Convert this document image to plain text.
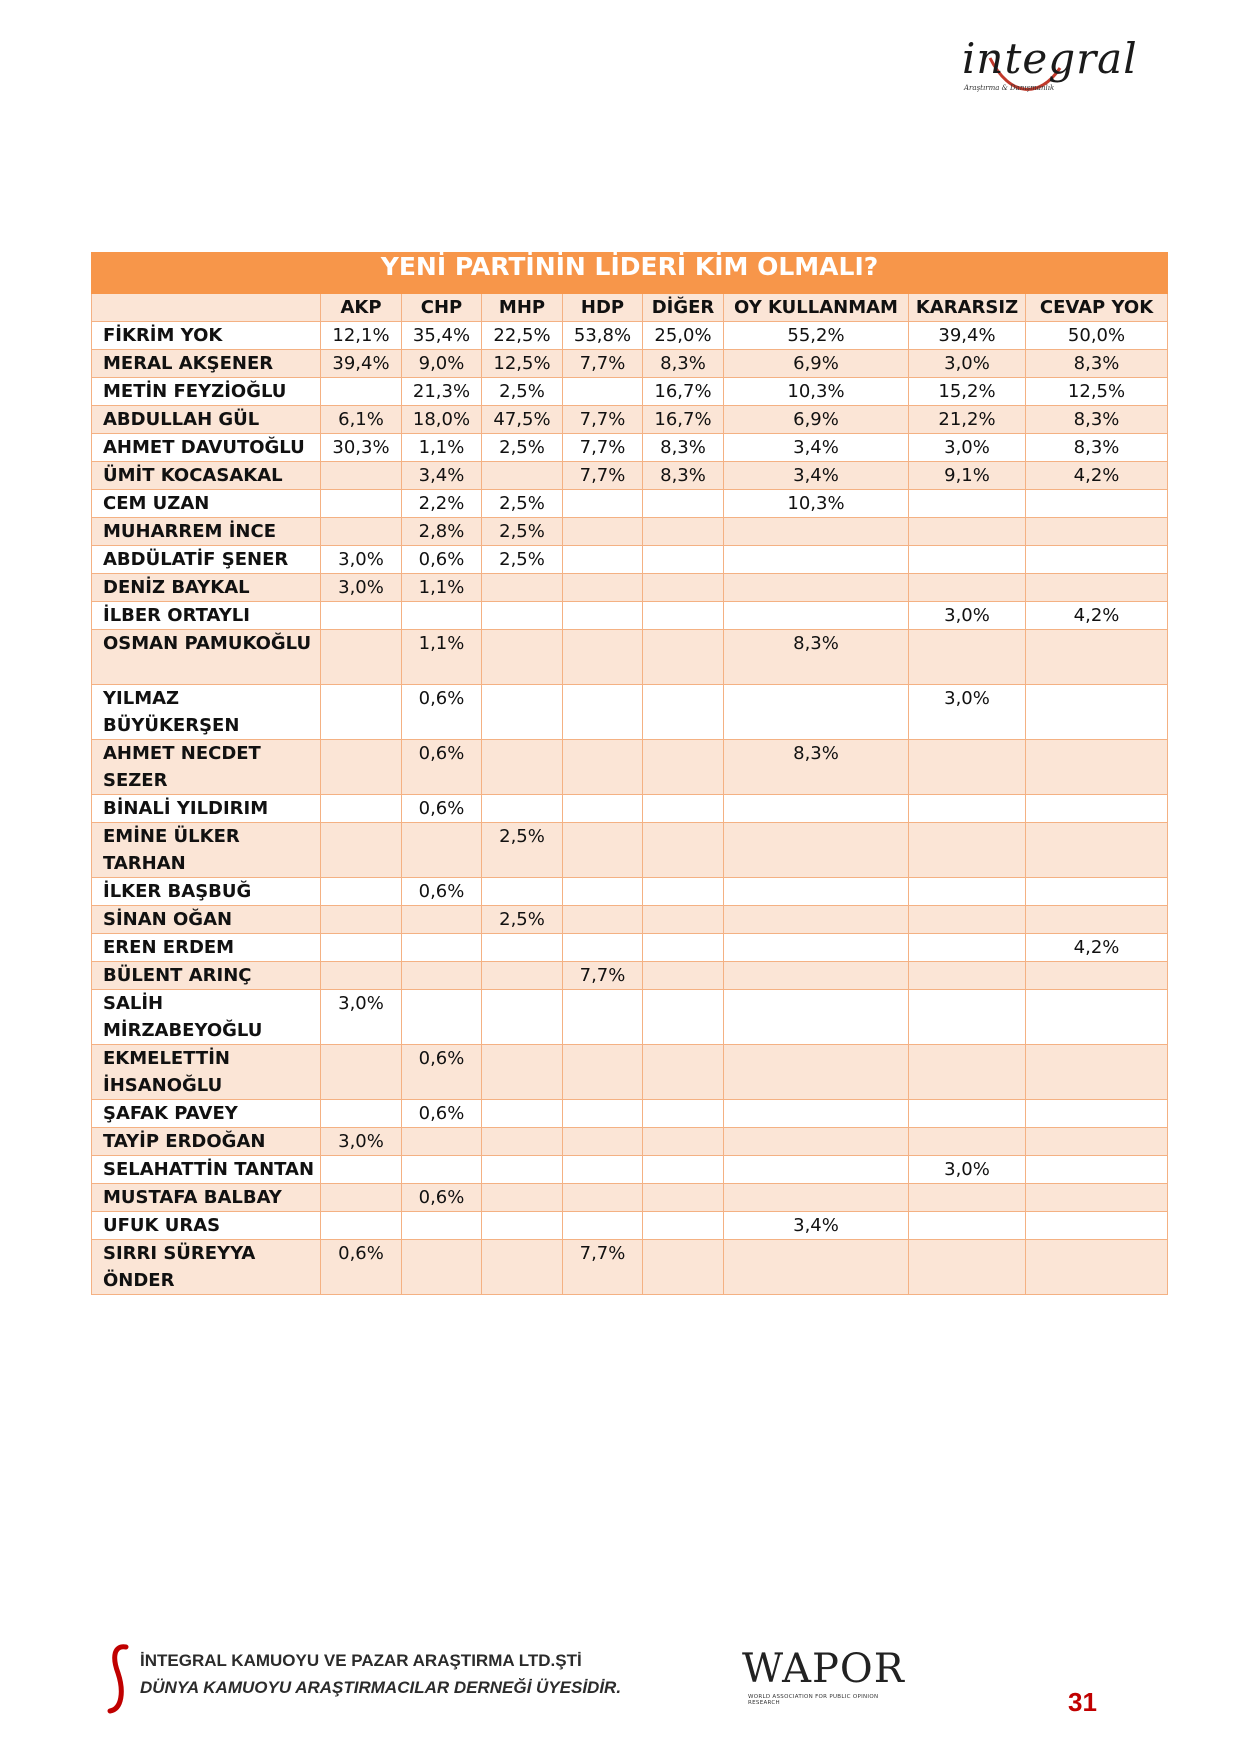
integral
Araştırma & Danışmanlık
YENİ PARTİNİN LİDERİ KİM OLMALI?								
	AKP	CHP	MHP	HDP	DİĞER	OY KULLANMAM	KARARSIZ	CEVAP YOK
FİKRİM YOK	12,1%	35,4%	22,5%	53,8%	25,0%	55,2%	39,4%	50,0%
MERAL AKŞENER	39,4%	9,0%	12,5%	7,7%	8,3%	6,9%	3,0%	8,3%
METİN FEYZİOĞLU		21,3%	2,5%		16,7%	10,3%	15,2%	12,5%
ABDULLAH GÜL	6,1%	18,0%	47,5%	7,7%	16,7%	6,9%	21,2%	8,3%
AHMET DAVUTOĞLU	30,3%	1,1%	2,5%	7,7%	8,3%	3,4%	3,0%	8,3%
ÜMİT KOCASAKAL		3,4%		7,7%	8,3%	3,4%	9,1%	4,2%
CEM UZAN		2,2%	2,5%			10,3%		
MUHARREM İNCE		2,8%	2,5%					
ABDÜLATİF ŞENER	3,0%	0,6%	2,5%					
DENİZ BAYKAL	3,0%	1,1%						
İLBER ORTAYLI							3,0%	4,2%
OSMAN PAMUKOĞLU		1,1%				8,3%		
YILMAZ BÜYÜKERŞEN		0,6%					3,0%	
AHMET NECDET SEZER		0,6%				8,3%		
BİNALİ YILDIRIM		0,6%						
EMİNE ÜLKER TARHAN			2,5%					
İLKER BAŞBUĞ		0,6%						
SİNAN OĞAN			2,5%					
EREN ERDEM								4,2%
BÜLENT ARINÇ				7,7%				
SALİH MİRZABEYOĞLU	3,0%							
EKMELETTİN İHSANOĞLU		0,6%						
ŞAFAK PAVEY		0,6%						
TAYİP ERDOĞAN	3,0%							
SELAHATTİN TANTAN							3,0%	
MUSTAFA BALBAY		0,6%						
UFUK URAS						3,4%		
SIRRI SÜREYYA ÖNDER	0,6%			7,7%				
İNTEGRAL KAMUOYU VE PAZAR ARAŞTIRMA LTD.ŞTİ
DÜNYA KAMUOYU ARAŞTIRMACILAR DERNEĞİ ÜYESİDİR.	WAPOR
WORLD ASSOCIATION FOR PUBLIC OPINION RESEARCH	31
